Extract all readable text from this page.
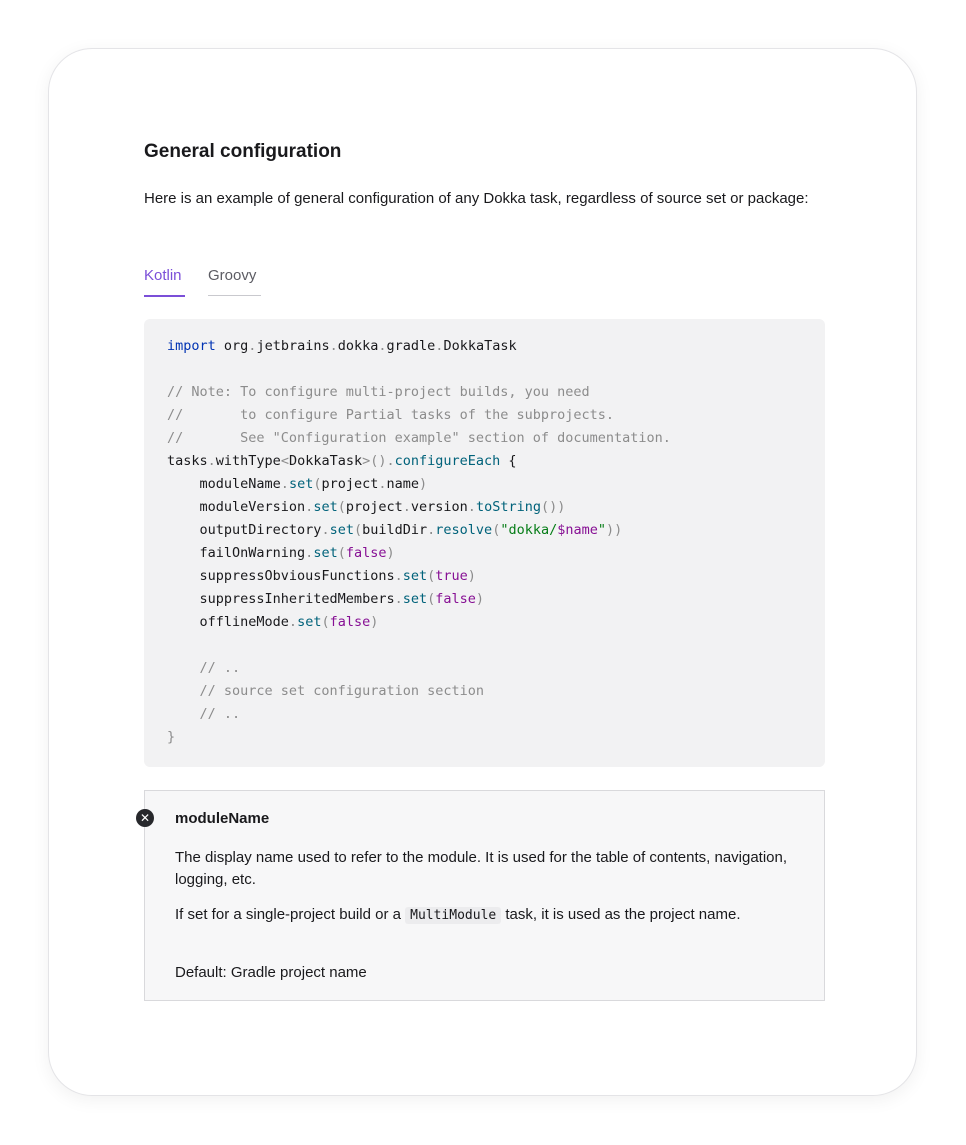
General configuration

Here is an example of general configuration of any Dokka task, regardless of source set or package:

Kotlin Groovy
import org.jetbrains.dokka.gradle.DokkaTask
// Note: To configure multi-project builds, you need
//       to configure Partial tasks of the subprojects.
//       See "Configuration example" section of documentation.
tasks.withType<DokkaTask>().configureEach {
moduleName.set(project.name)
moduleVersion.set(project.version.toString())
outputDirectory.set(buildDir.resolve("dokka/$name"))
failOnWarning.set(false)
suppressObviousFunctions.set(true)
suppressInheritedMembers.set(false)
offlineMode.set(false)
// ..
// source set configuration section
// ..
}
✕ moduleName

The display name used to refer to the module. It is used for the table of contents, navigation, logging, etc.

If set for a single-project build or a MultiModule task, it is used as the project name.

Default: Gradle project name
